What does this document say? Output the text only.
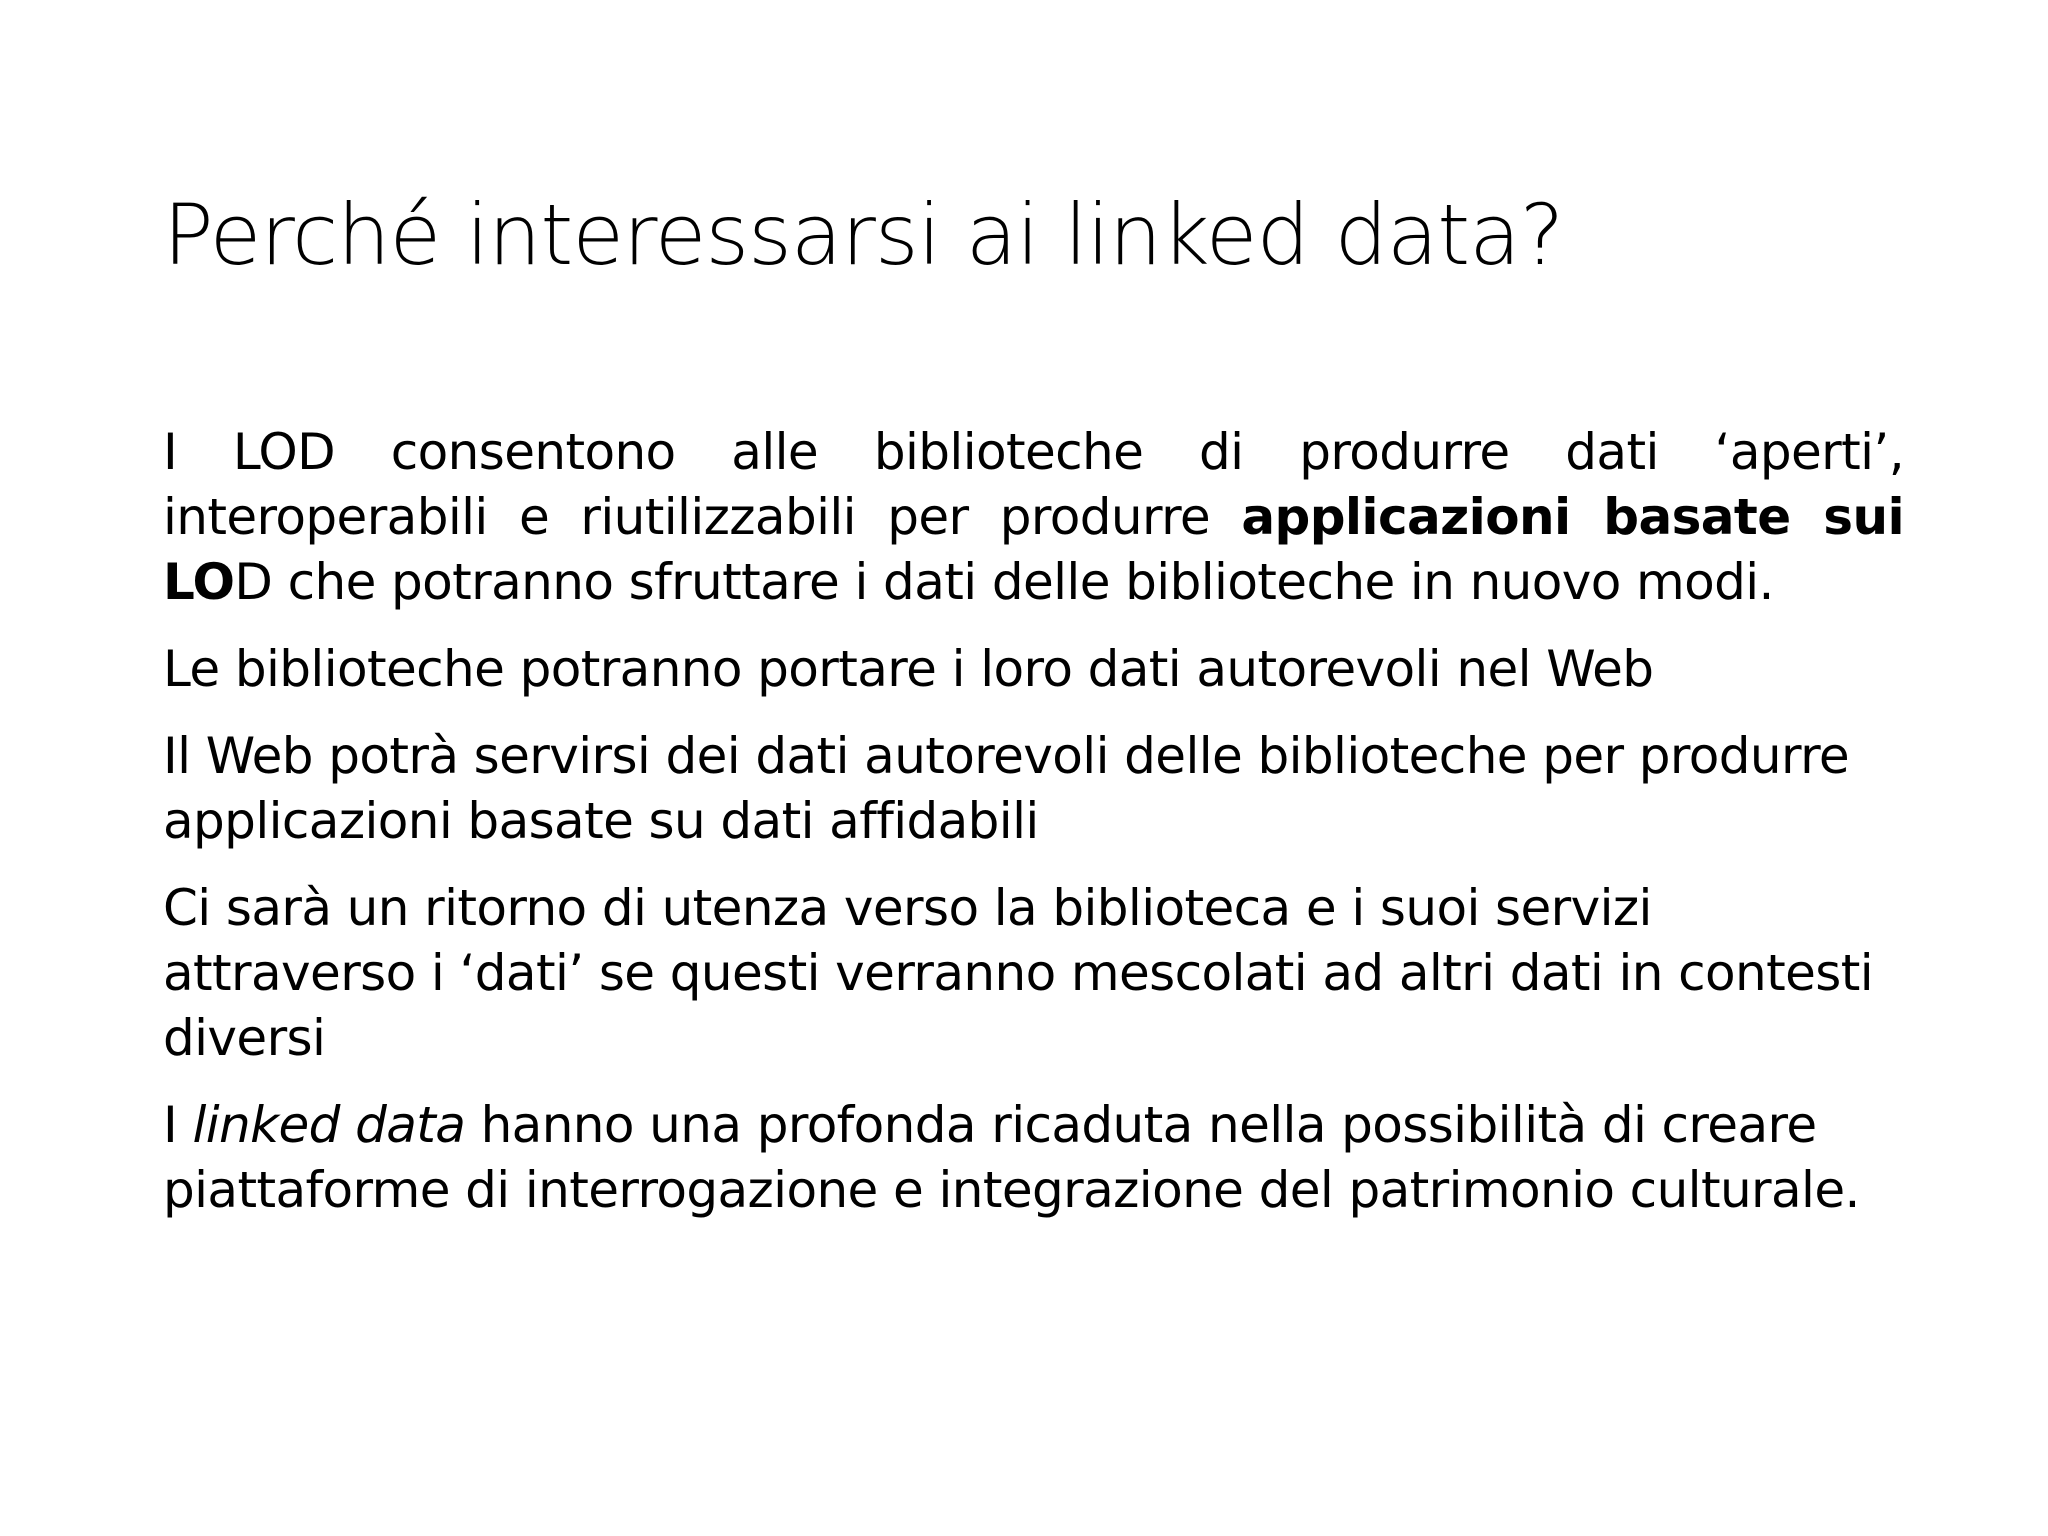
Perché interessarsi ai linked data?

I LOD consentono alle biblioteche di produrre dati ‘aperti’, interoperabili e riutilizzabili per produrre applicazioni basate sui LOD che potranno sfruttare i dati delle biblioteche in nuovo modi.

Le biblioteche potranno portare i loro dati autorevoli nel Web

Il Web potrà servirsi dei dati autorevoli delle biblioteche per produrre applicazioni basate su dati affidabili

Ci sarà un ritorno di utenza verso la biblioteca e i suoi servizi attraverso i ‘dati’ se questi verranno mescolati ad altri dati in contesti diversi

I linked data hanno una profonda ricaduta nella possibilità di creare piattaforme di interrogazione e integrazione del patrimonio culturale.
